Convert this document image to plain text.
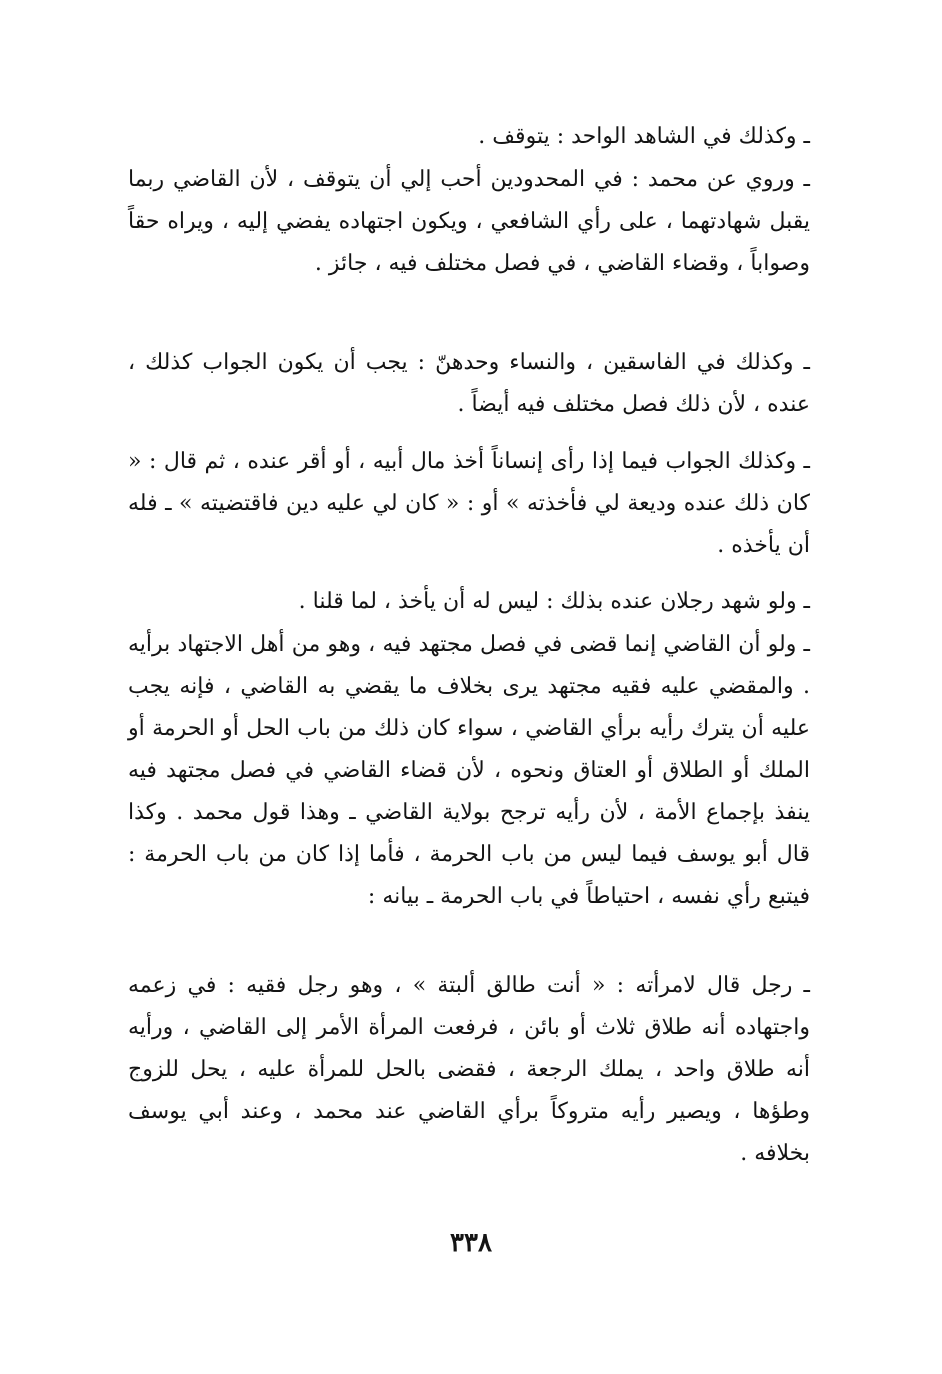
ـ وكذلك في الشاهد الواحد : يتوقف .

ـ وروي عن محمد : في المحدودين أحب إلي أن يتوقف ، لأن القاضي ربما يقبل شهادتهما ، على رأي الشافعي ، ويكون اجتهاده يفضي إليه ، ويراه حقاً وصواباً ، وقضاء القاضي ، في فصل مختلف فيه ، جائز .

ـ وكذلك في الفاسقين ، والنساء وحدهنّ : يجب أن يكون الجواب كذلك ، عنده ، لأن ذلك فصل مختلف فيه أيضاً .

ـ وكذلك الجواب فيما إذا رأى إنساناً أخذ مال أبيه ، أو أقر عنده ، ثم قال : « كان ذلك عنده وديعة لي فأخذته » أو : « كان لي عليه دين فاقتضيته » ـ فله أن يأخذه .

ـ ولو شهد رجلان عنده بذلك : ليس له أن يأخذ ، لما قلنا .

ـ ولو أن القاضي إنما قضى في فصل مجتهد فيه ، وهو من أهل الاجتهاد برأيه . والمقضي عليه فقيه مجتهد يرى بخلاف ما يقضي به القاضي ، فإنه يجب عليه أن يترك رأيه برأي القاضي ، سواء كان ذلك من باب الحل أو الحرمة أو الملك أو الطلاق أو العتاق ونحوه ، لأن قضاء القاضي في فصل مجتهد فيه ينفذ بإجماع الأمة ، لأن رأيه ترجح بولاية القاضي ـ وهذا قول محمد . وكذا قال أبو يوسف فيما ليس من باب الحرمة ، فأما إذا كان من باب الحرمة : فيتبع رأي نفسه ، احتياطاً في باب الحرمة ـ بيانه :

ـ رجل قال لامرأته : « أنت طالق ألبتة » ، وهو رجل فقيه : في زعمه واجتهاده أنه طلاق ثلاث أو بائن ، فرفعت المرأة الأمر إلى القاضي ، ورأيه أنه طلاق واحد ، يملك الرجعة ، فقضى بالحل للمرأة عليه ، يحل للزوج وطؤها ، ويصير رأيه متروكاً برأي القاضي عند محمد ، وعند أبي يوسف بخلافه .

٣٣٨
